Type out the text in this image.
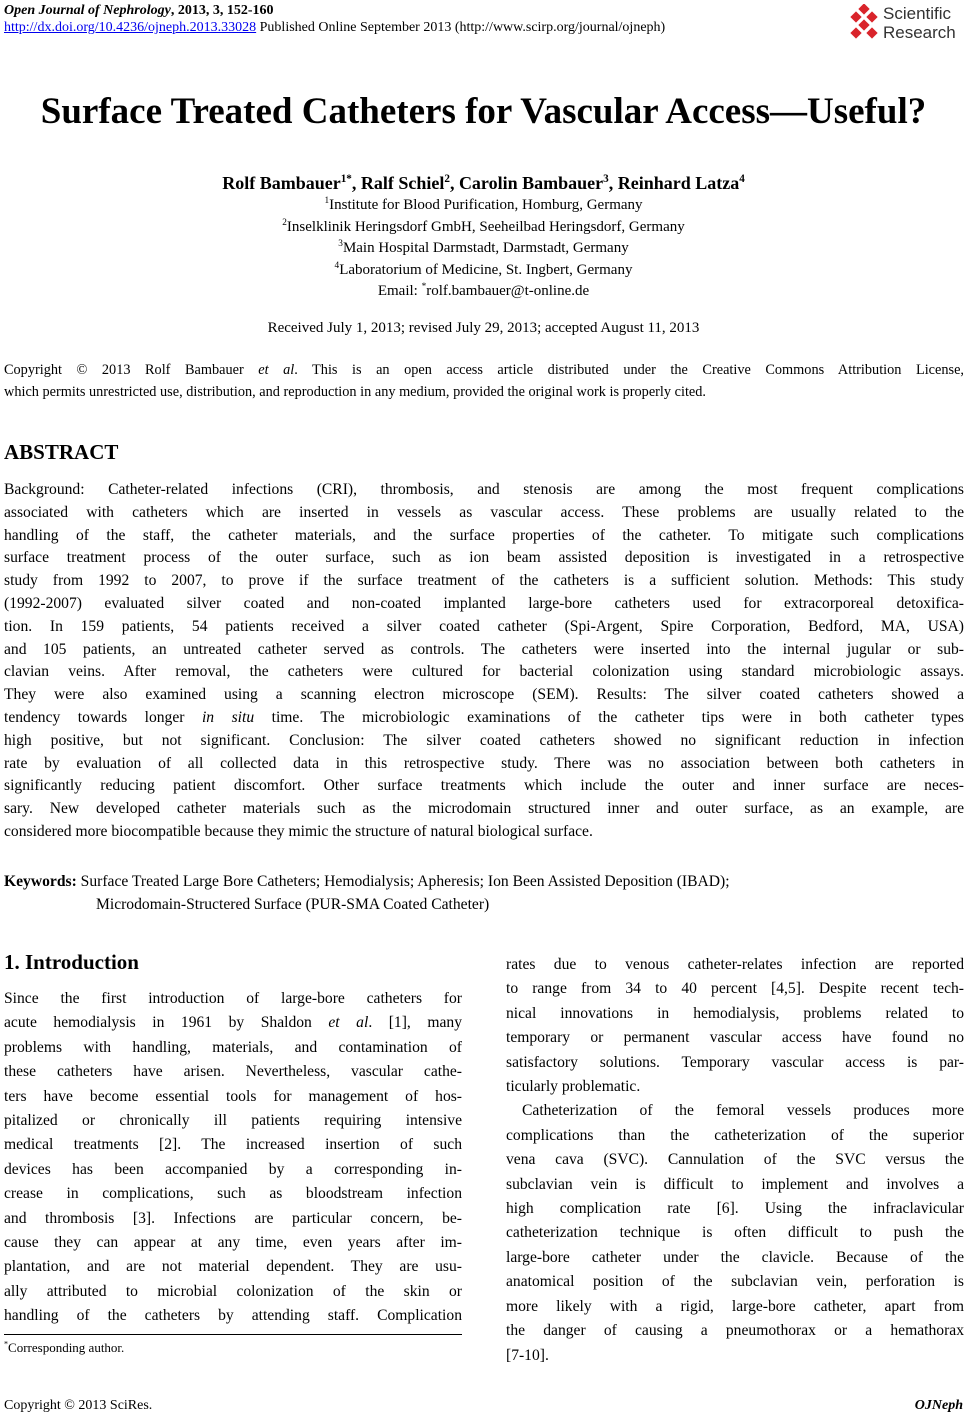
Open Journal of Nephrology, 2013, 3, 152-160
http://dx.doi.org/10.4236/ojneph.2013.33028 Published Online September 2013 (http://www.scirp.org/journal/ojneph)
Scientific
Research
Surface Treated Catheters for Vascular Access—Useful?
Rolf Bambauer$^{1*}$, Ralf Schiel$^2$, Carolin Bambauer$^3$, Reinhard Latza$^4$
$^1$Institute for Blood Purification, Homburg, Germany
$^2$Inselklinik Heringsdorf GmbH, Seeheilbad Heringsdorf, Germany
$^3$Main Hospital Darmstadt, Darmstadt, Germany
$^4$Laboratorium of Medicine, St. Ingbert, Germany
Email: *rolf.bambauer@t-online.de
Received July 1, 2013; revised July 29, 2013; accepted August 11, 2013
Copyright © 2013 Rolf Bambauer et al. This is an open access article distributed under the Creative Commons Attribution License,
which permits unrestricted use, distribution, and reproduction in any medium, provided the original work is properly cited.
ABSTRACT
Background: Catheter-related infections (CRI), thrombosis, and stenosis are among the most frequent complications
associated with catheters which are inserted in vessels as vascular access. These problems are usually related to the
handling of the staff, the catheter materials, and the surface properties of the catheter. To mitigate such complications
surface treatment process of the outer surface, such as ion beam assisted deposition is investigated in a retrospective
study from 1992 to 2007, to prove if the surface treatment of the catheters is a sufficient solution. Methods: This study
(1992-2007) evaluated silver coated and non-coated implanted large-bore catheters used for extracorporeal detoxifica-
tion. In 159 patients, 54 patients received a silver coated catheter (Spi-Argent, Spire Corporation, Bedford, MA, USA)
and 105 patients, an untreated catheter served as controls. The catheters were inserted into the internal jugular or sub-
clavian veins. After removal, the catheters were cultured for bacterial colonization using standard microbiologic assays.
They were also examined using a scanning electron microscope (SEM). Results: The silver coated catheters showed a
tendency towards longer in situ time. The microbiologic examinations of the catheter tips were in both catheter types
high positive, but not significant. Conclusion: The silver coated catheters showed no significant reduction in infection
rate by evaluation of all collected data in this retrospective study. There was no association between both catheters in
significantly reducing patient discomfort. Other surface treatments which include the outer and inner surface are neces-
sary. New developed catheter materials such as the microdomain structured inner and outer surface, as an example, are
considered more biocompatible because they mimic the structure of natural biological surface.
Keywords: Surface Treated Large Bore Catheters; Hemodialysis; Apheresis; Ion Been Assisted Deposition (IBAD);
Microdomain-Structered Surface (PUR-SMA Coated Catheter)
1. Introduction
Since the first introduction of large-bore catheters for
acute hemodialysis in 1961 by Shaldon et al. [1], many
problems with handling, materials, and contamination of
these catheters have arisen. Nevertheless, vascular cathe-
ters have become essential tools for management of hos-
pitalized or chronically ill patients requiring intensive
medical treatments [2]. The increased insertion of such
devices has been accompanied by a corresponding in-
crease in complications, such as bloodstream infection
and thrombosis [3]. Infections are particular concern, be-
cause they can appear at any time, even years after im-
plantation, and are not material dependent. They are usu-
ally attributed to microbial colonization of the skin or
handling of the catheters by attending staff. Complication
rates due to venous catheter-relates infection are reported
to range from 34 to 40 percent [4,5]. Despite recent tech-
nical innovations in hemodialysis, problems related to
temporary or permanent vascular access have found no
satisfactory solutions. Temporary vascular access is par-
ticularly problematic.
Catheterization of the femoral vessels produces more
complications than the catheterization of the superior
vena cava (SVC). Cannulation of the SVC versus the
subclavian vein is difficult to implement and involves a
high complication rate [6]. Using the infraclavicular
catheterization technique is often difficult to push the
large-bore catheter under the clavicle. Because of the
anatomical position of the subclavian vein, perforation is
more likely with a rigid, large-bore catheter, apart from
the danger of causing a pneumothorax or a hemathorax
[7-10].
*Corresponding author.
Copyright © 2013 SciRes.	OJNeph
